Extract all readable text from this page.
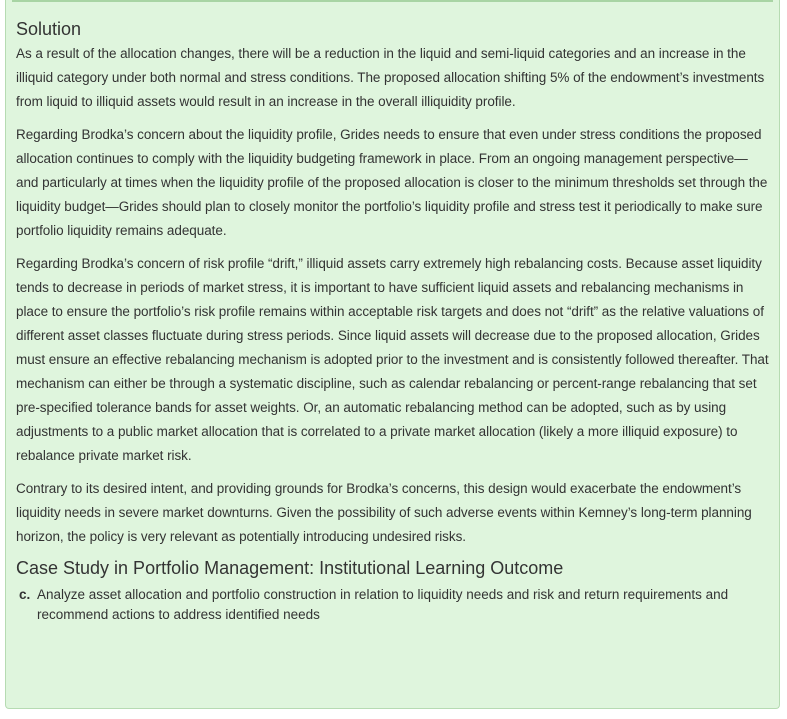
Solution

As a result of the allocation changes, there will be a reduction in the liquid and semi-liquid categories and an increase in the illiquid category under both normal and stress conditions. The proposed allocation shifting 5% of the endowment’s investments from liquid to illiquid assets would result in an increase in the overall illiquidity profile.

Regarding Brodka’s concern about the liquidity profile, Grides needs to ensure that even under stress conditions the proposed allocation continues to comply with the liquidity budgeting framework in place. From an ongoing management perspective—and particularly at times when the liquidity profile of the proposed allocation is closer to the minimum thresholds set through the liquidity budget—Grides should plan to closely monitor the portfolio’s liquidity profile and stress test it periodically to make sure portfolio liquidity remains adequate.

Regarding Brodka’s concern of risk profile “drift,” illiquid assets carry extremely high rebalancing costs. Because asset liquidity tends to decrease in periods of market stress, it is important to have sufficient liquid assets and rebalancing mechanisms in place to ensure the portfolio’s risk profile remains within acceptable risk targets and does not “drift” as the relative valuations of different asset classes fluctuate during stress periods. Since liquid assets will decrease due to the proposed allocation, Grides must ensure an effective rebalancing mechanism is adopted prior to the investment and is consistently followed thereafter. That mechanism can either be through a systematic discipline, such as calendar rebalancing or percent-range rebalancing that set pre-specified tolerance bands for asset weights. Or, an automatic rebalancing method can be adopted, such as by using adjustments to a public market allocation that is correlated to a private market allocation (likely a more illiquid exposure) to rebalance private market risk.

Contrary to its desired intent, and providing grounds for Brodka’s concerns, this design would exacerbate the endowment’s liquidity needs in severe market downturns. Given the possibility of such adverse events within Kemney’s long-term planning horizon, the policy is very relevant as potentially introducing undesired risks.

Case Study in Portfolio Management: Institutional Learning Outcome
c. Analyze asset allocation and portfolio construction in relation to liquidity needs and risk and return requirements and recommend actions to address identified needs
